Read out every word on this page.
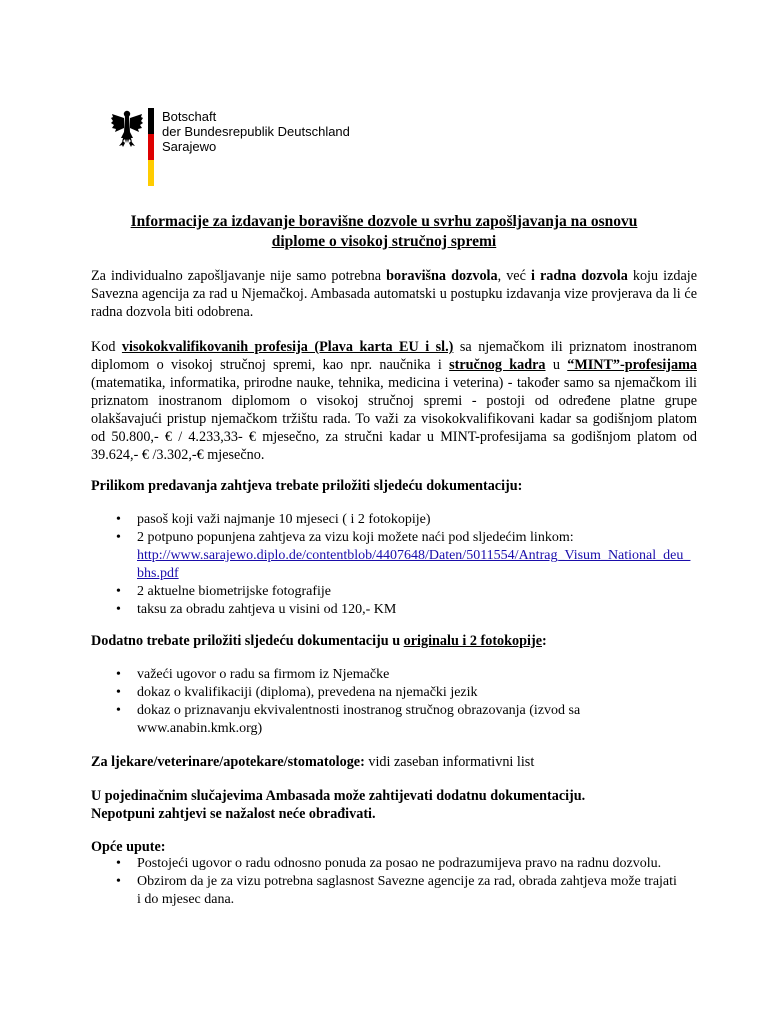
Botschaft
der Bundesrepublik Deutschland
Sarajewo
Informacije za izdavanje boravišne dozvole u svrhu zapošljavanja na osnovu
diplome o visokoj stručnoj spremi
Za individualno zapošljavanje nije samo potrebna boravišna dozvola, već i radna dozvola koju izdaje Savezna agencija za rad u Njemačkoj. Ambasada automatski u postupku izdavanja vize provjerava da li će radna dozvola biti odobrena.
Kod visokokvalifikovanih profesija (Plava karta EU i sl.) sa njemačkom ili priznatom inostranom diplomom o visokoj stručnoj spremi, kao npr. naučnika i stručnog kadra u “MINT”-profesijama (matematika, informatika, prirodne nauke, tehnika, medicina i veterina) - također samo sa njemačkom ili priznatom inostranom diplomom o visokoj stručnoj spremi - postoji od određene platne grupe olakšavajući pristup njemačkom tržištu rada. To važi za visokokvalifikovani kadar sa godišnjom platom od 50.800,- € / 4.233,33- € mjesečno, za stručni kadar u MINT-profesijama sa godišnjom platom od 39.624,- € /3.302,-€ mjesečno.
Prilikom predavanja zahtjeva trebate priložiti sljedeću dokumentaciju:
• pasoš koji važi najmanje 10 mjeseci ( i 2 fotokopije)
• 2 potpuno popunjena zahtjeva za vizu koji možete naći pod sljedećim linkom:
http://www.sarajewo.diplo.de/contentblob/4407648/Daten/5011554/Antrag_Visum_National_deu_bhs.pdf
• 2 aktuelne biometrijske fotografije
• taksu za obradu zahtjeva u visini od 120,- KM
Dodatno trebate priložiti sljedeću dokumentaciju u originalu i 2 fotokopije:
• važeći ugovor o radu sa firmom iz Njemačke
• dokaz o kvalifikaciji (diploma), prevedena na njemački jezik
• dokaz o priznavanju ekvivalentnosti inostranog stručnog obrazovanja (izvod sa www.anabin.kmk.org)
Za ljekare/veterinare/apotekare/stomatologe: vidi zaseban informativni list
U pojedinačnim slučajevima Ambasada može zahtijevati dodatnu dokumentaciju.
Nepotpuni zahtjevi se nažalost neće obrađivati.
Opće upute:
• Postojeći ugovor o radu odnosno ponuda za posao ne podrazumijeva pravo na radnu dozvolu.
• Obzirom da je za vizu potrebna saglasnost Savezne agencije za rad, obrada zahtjeva može trajati i do mjesec dana.
